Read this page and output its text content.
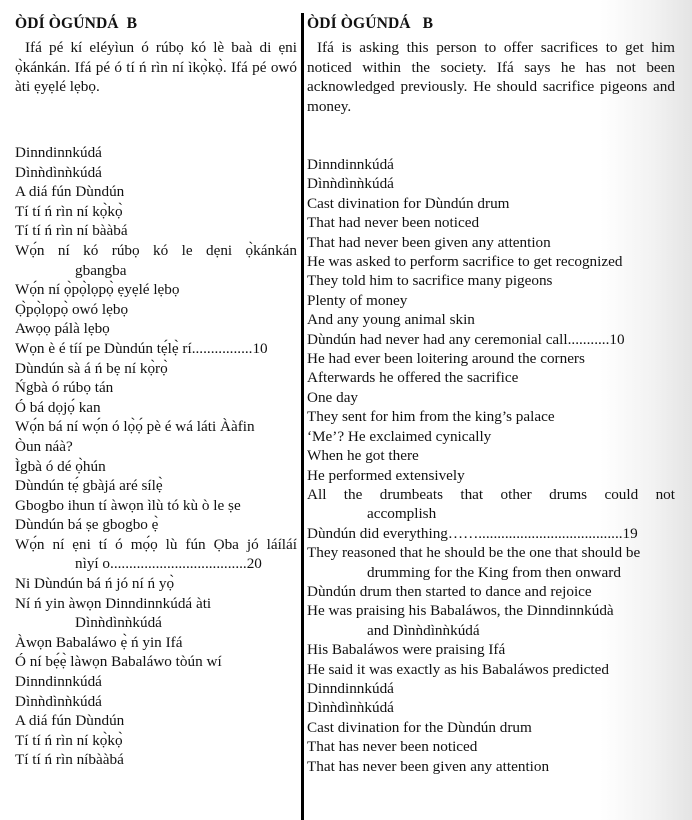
ÒDÍ ÒGÚNDÁ  B
Ifá pé kí eléyìun ó rúbọ kó lè baà di ẹni ọ̀kánkán. Ifá pé ó tí ń rìn ní ìkọ̀kọ̀. Ifá pé owó àti ẹyẹlé lẹbọ.
Dinndinnkúdá
Dìnǹdìnǹkúdá
A diá fún Dùndún
Tí tí ń rìn ní kọ̀kọ̀
Tí tí ń rìn ní bààbá
Wọ́n ní kó rúbọ kó le dẹni ọ̀kánkán
gbangba
Wọ́n ní ọ̀pọ̀lọpọ̀ ẹyẹlé lẹbọ
Ọ̀pọ̀lọpọ̀ owó lẹbọ
Awọọ pálà lẹbọ
Wọn è é tíí pe Dùndún tẹ́lẹ̀ rí................10
Dùndún sà á ń bẹ ní kọ̀rọ̀
Ńgbà ó rúbọ tán
Ó bá dọjọ́ kan
Wọ́n bá ní wọ́n ó lọ̀ọ́ pè é wá láti Ààfin
Òun náà?
Ìgbà ó dé ọ̀hún
Dùndún tẹ́ gbàjá aré sílẹ̀
Gbogbo ihun tí àwọn ìlù tó kù ò le ṣe
Dùndún bá ṣe gbogbo ẹ̀
Wọ́n ní ẹni tí ó mọ́ọ lù fún Ọba jó láíláí
nìyí o....................................20
Ni Dùndún bá ń jó ní ń yọ̀
Ní ń yin àwọn Dinndinnkúdá àti
Dìnǹdìnǹkúdá
Àwọn Babaláwo ẹ̀ ń yin Ifá
Ó ní bẹ́ẹ̀ làwọn Babaláwo tòún wí
Dinndinnkúdá
Dìnǹdìnǹkúdá
A diá fún Dùndún
Tí tí ń rìn ní kọ̀kọ̀
Tí tí ń rìn níbààbá
ÒDÍ ÒGÚNDÁ   B
Ifá is asking this person to offer sacrifices to get him noticed within the society. Ifá says he has not been acknowledged previously. He should sacrifice pigeons and money.
Dinndinnkúdá
Dìnǹdìnǹkúdá
Cast divination for Dùndún drum
That had never been noticed
That had never been given any attention
He was asked to perform sacrifice to get recognized
They told him to sacrifice many pigeons
Plenty of money
And any young animal skin
Dùndún had never had any ceremonial call...........10
He had ever been loitering around the corners
Afterwards he offered the sacrifice
One day
They sent for him from the king’s palace
‘Me’? He exclaimed cynically
When he got there
He performed extensively
All the drumbeats that other drums could not
accomplish
Dùndún did everything……......................................19
They reasoned that he should be the one that should be
drumming for the King from then onward
Dùndún drum then started to dance and rejoice
He was praising his Babaláwos, the Dinndinnkúdà
and Dìnǹdìnǹkúdá
His Babaláwos were praising Ifá
He said it was exactly as his Babaláwos predicted
Dinndinnkúdá
Dìnǹdìnǹkúdá
Cast divination for the Dùndún drum
That has never been noticed
That has never been given any attention
